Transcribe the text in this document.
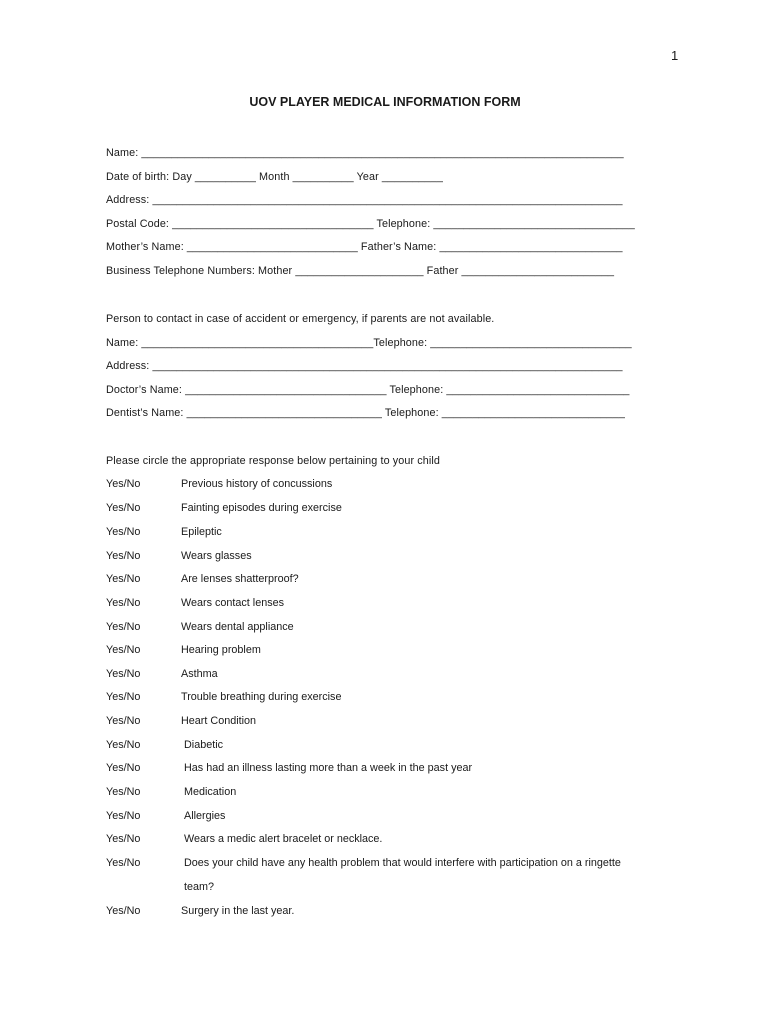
1
UOV PLAYER MEDICAL INFORMATION FORM
Name: _______________________________________________________________________________
Date of birth: Day __________ Month __________ Year __________
Address: _____________________________________________________________________________
Postal Code: _________________________________ Telephone: _________________________________
Mother’s Name: ____________________________ Father’s Name: ______________________________
Business Telephone Numbers: Mother _____________________ Father _________________________
Person to contact in case of accident or emergency, if parents are not available.
Name: ______________________________________Telephone: _________________________________
Address: _____________________________________________________________________________
Doctor’s Name: _________________________________ Telephone: ______________________________
Dentist’s Name: ________________________________ Telephone: ______________________________
Please circle the appropriate response below pertaining to your child
Yes/No	Previous history of concussions
Yes/No	Fainting episodes during exercise
Yes/No	Epileptic
Yes/No	Wears glasses
Yes/No	Are lenses shatterproof?
Yes/No	Wears contact lenses
Yes/No	Wears dental appliance
Yes/No	Hearing problem
Yes/No	Asthma
Yes/No	Trouble breathing during exercise
Yes/No	Heart Condition
Yes/No	Diabetic
Yes/No	Has had an illness lasting more than a week in the past year
Yes/No	Medication
Yes/No	Allergies
Yes/No	Wears a medic alert bracelet or necklace.
Yes/No	Does your child have any health problem that would interfere with participation on a ringette
team?
Yes/No	Surgery in the last year.
